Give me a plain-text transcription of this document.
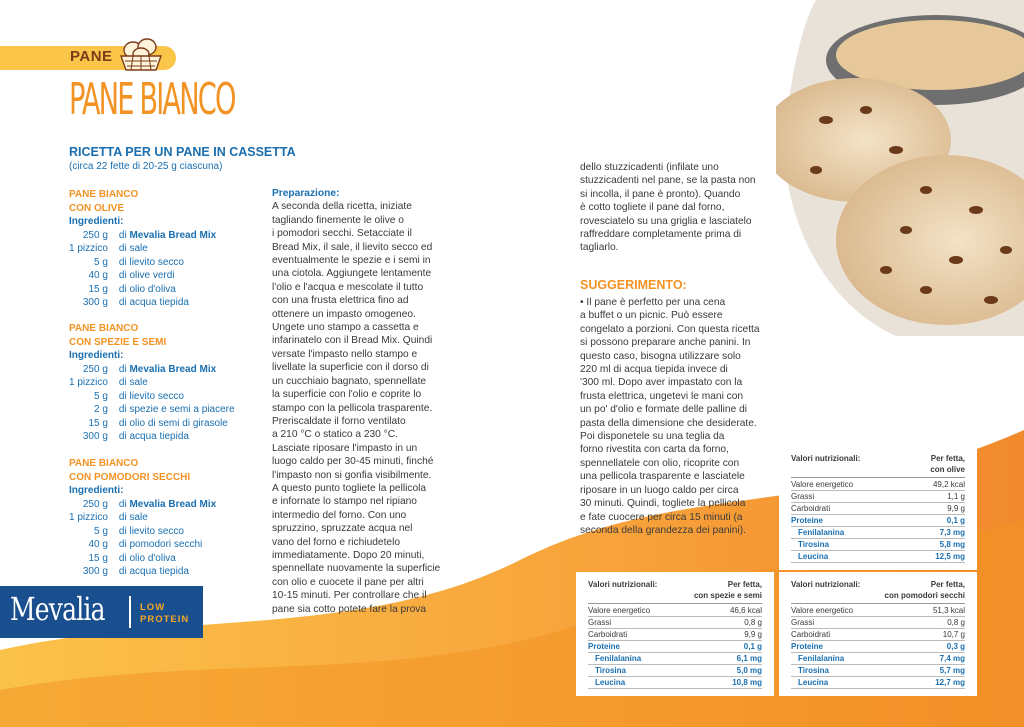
PANE
PANE BIANCO
RICETTA PER UN PANE IN CASSETTA
(circa 22 fette di 20-25 g ciascuna)
PANE BIANCO
CON OLIVE
Ingredienti:
250 g	di Mevalia Bread Mix
1 pizzico	di sale
5 g	di lievito secco
40 g	di olive verdi
15 g	di olio d'oliva
300 g	di acqua tiepida
PANE BIANCO
CON SPEZIE E SEMI
Ingredienti:
250 g	di Mevalia Bread Mix
1 pizzico	di sale
5 g	di lievito secco
2 g	di spezie e semi a piacere
15 g	di olio di semi di girasole
300 g	di acqua tiepida
PANE BIANCO
CON POMODORI SECCHI
Ingredienti:
250 g	di Mevalia Bread Mix
1 pizzico	di sale
5 g	di lievito secco
40 g	di pomodori secchi
15 g	di olio d'oliva
300 g	di acqua tiepida
Preparazione:
A seconda della ricetta, iniziate
tagliando finemente le olive o
i pomodori secchi. Setacciate il
Bread Mix, il sale, il lievito secco ed
eventualmente le spezie e i semi in
una ciotola. Aggiungete lentamente
l'olio e l'acqua e mescolate il tutto
con una frusta elettrica fino ad
ottenere un impasto omogeneo.
Ungete uno stampo a cassetta e
infarinatelo con il Bread Mix. Quindi
versate l'impasto nello stampo e
livellate la superficie con il dorso di
un cucchiaio bagnato, spennellate
la superficie con l'olio e coprite lo
stampo con la pellicola trasparente.
Preriscaldate il forno ventilato
a 210 °C o statico a 230 °C.
Lasciate riposare l'impasto in un
luogo caldo per 30-45 minuti, finché
l'impasto non si gonfia visibilmente.
A questo punto togliete la pellicola
e infornate lo stampo nel ripiano
intermedio del forno. Con uno
spruzzino, spruzzate acqua nel
vano del forno e richiudetelo
immediatamente. Dopo 20 minuti,
spennellate nuovamente la superficie
con olio e cuocete il pane per altri
10-15 minuti. Per controllare che il
pane sia cotto potete fare la prova
dello stuzzicadenti (infilate uno
stuzzicadenti nel pane, se la pasta non
si incolla, il pane è pronto). Quando
è cotto togliete il pane dal forno,
rovesciatelo su una griglia e lasciatelo
raffreddare completamente prima di
tagliarlo.
SUGGERIMENTO:
• Il pane è perfetto per una cena
a buffet o un picnic. Può essere
congelato a porzioni. Con questa ricetta
si possono preparare anche panini. In
questo caso, bisogna utilizzare solo
220 ml di acqua tiepida invece di
'300 ml. Dopo aver impastato con la
frusta elettrica, ungetevi le mani con
un po' d'olio e formate delle palline di
pasta della dimensione che desiderate.
Poi disponetele su una teglia da
forno rivestita con carta da forno,
spennellatele con olio, ricoprite con
una pellicola trasparente e lasciatele
riposare in un luogo caldo per circa
30 minuti. Quindi, togliete la pellicola
e fate cuocere per circa 15 minuti (a
seconda della grandezza dei panini).
Valori nutrizionali:	Per fetta,
con olive
Valore energetico	49,2 kcal
Grassi	1,1 g
Carboidrati	9,9 g
Proteine	0,1 g
Fenilalanina	7,3 mg
Tirosina	5,8 mg
Leucina	12,5 mg
Valori nutrizionali:	Per fetta,
con spezie e semi
Valore energetico	46,6 kcal
Grassi	0,8 g
Carboidrati	9,9 g
Proteine	0,1 g
Fenilalanina	6,1 mg
Tirosina	5,0 mg
Leucina	10,8 mg
Valori nutrizionali:	Per fetta,
con pomodori secchi
Valore energetico	51,3 kcal
Grassi	0,8 g
Carboidrati	10,7 g
Proteine	0,3 g
Fenilalanina	7,4 mg
Tirosina	5,7 mg
Leucina	12,7 mg
Mevalia	LOW
PROTEIN
